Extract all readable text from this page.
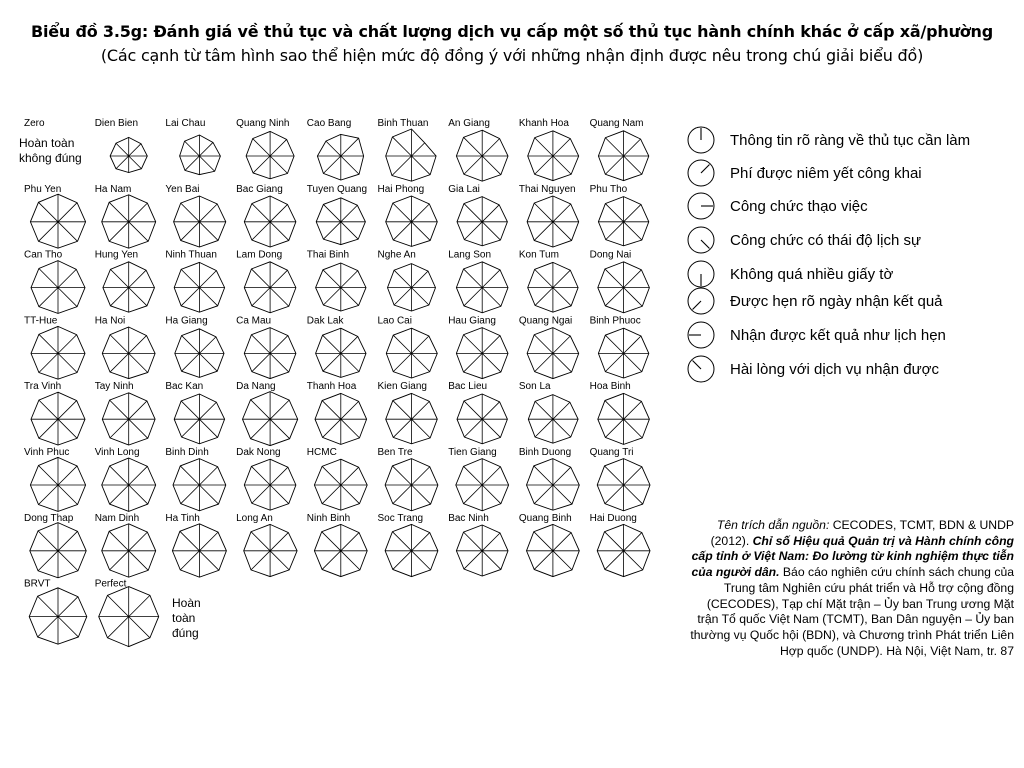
Biểu đồ 3.5g: Đánh giá về thủ tục và chất lượng dịch vụ cấp một số thủ tục hành chính khác ở cấp xã/phường
(Các cạnh từ tâm hình sao thể hiện mức độ đồng ý với những nhận định được nêu trong chú giải biểu đồ)
Zero	Dien Bien	Lai Chau	Quang Ninh Cao Bang	Binh Thuan An Giang	Khanh Hoa Quang Nam
Phu Yen	Ha Nam	Yen Bai	Bac Giang Tuyen Quang Hai Phong Gia Lai	Thai Nguyen Phu Tho
Can Tho	Hung Yen	Ninh Thuan Lam Dong Thai Binh	Nghe An	Lang Son	Kon Tum	Dong Nai
TT-Hue	Ha Noi	Ha Giang	Ca Mau	Dak Lak	Lao Cai	Hau Giang Quang Ngai Binh Phuoc
Tra Vinh	Tay Ninh	Bac Kan	Da Nang	Thanh Hoa Kien Giang Bac Lieu	Son La	Hoa Binh
Vinh Phuc	Vinh Long	Binh Dinh	Dak Nong	HCMC	Ben Tre	Tien Giang Binh Duong Quang Tri
Dong Thap Nam Dinh	Ha Tinh	Long An	Ninh Binh	Soc Trang	Bac Ninh	Quang Binh Hai Duong
BRVT	Perfect
Hoàn toàn không đúng
Hoàn toàn đúng
Thông tin rõ ràng về thủ tục cần làm
Phí được niêm yết công khai
Công chức thạo việc
Công chức có thái độ lịch sự
Không quá nhiều giấy tờ
Được hẹn rõ ngày nhận kết quả
Nhận được kết quả như lịch hẹn
Hài lòng với dịch vụ nhận được
Tên trích dẫn nguồn: CECODES, TCMT, BDN & UNDP (2012). Chỉ số Hiệu quả Quản trị và Hành chính công cấp tỉnh ở Việt Nam: Đo lường từ kinh nghiệm thực tiễn của người dân. Báo cáo nghiên cứu chính sách chung của Trung tâm Nghiên cứu phát triển và Hỗ trợ cộng đồng (CECODES), Tạp chí Mặt trận – Ủy ban Trung ương Mặt trận Tổ quốc Việt Nam (TCMT), Ban Dân nguyện – Ủy ban thường vụ Quốc hội (BDN), và Chương trình Phát triển Liên Hợp quốc (UNDP). Hà Nội, Việt Nam, tr. 87
